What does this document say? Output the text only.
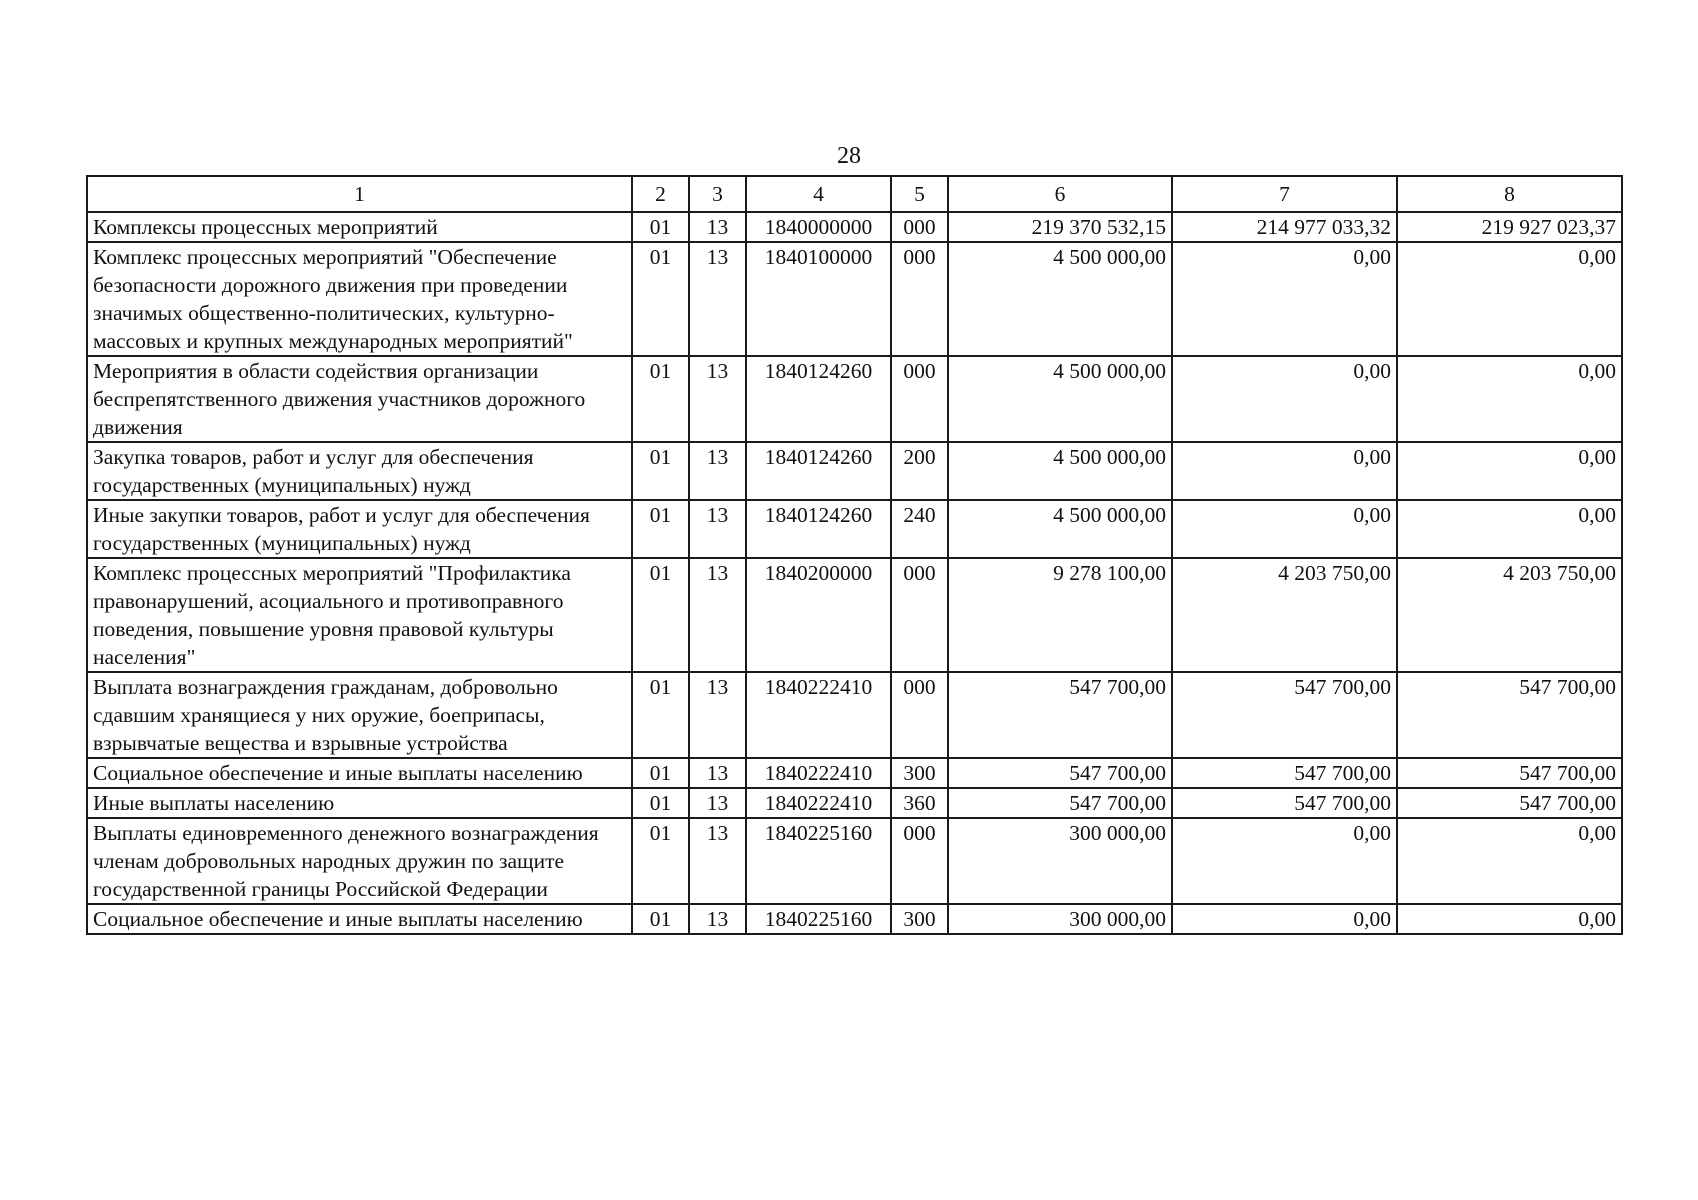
28
1	2	3	4	5	6	7	8
Комплексы процессных мероприятий	01	13	1840000000	000	219 370 532,15	214 977 033,32	219 927 023,37
Комплекс процессных мероприятий "Обеспечение безопасности дорожного движения при проведении значимых общественно-политических, культурно-массовых и крупных международных мероприятий"	01	13	1840100000	000	4 500 000,00	0,00	0,00
Мероприятия в области содействия организации беспрепятственного движения участников дорожного движения	01	13	1840124260	000	4 500 000,00	0,00	0,00
Закупка товаров, работ и услуг для обеспечения государственных (муниципальных) нужд	01	13	1840124260	200	4 500 000,00	0,00	0,00
Иные закупки товаров, работ и услуг для обеспечения государственных (муниципальных) нужд	01	13	1840124260	240	4 500 000,00	0,00	0,00
Комплекс процессных мероприятий "Профилактика правонарушений, асоциального и противоправного поведения, повышение уровня правовой культуры населения"	01	13	1840200000	000	9 278 100,00	4 203 750,00	4 203 750,00
Выплата вознаграждения гражданам, добровольно сдавшим хранящиеся у них оружие, боеприпасы, взрывчатые вещества и взрывные устройства	01	13	1840222410	000	547 700,00	547 700,00	547 700,00
Социальное обеспечение и иные выплаты населению	01	13	1840222410	300	547 700,00	547 700,00	547 700,00
Иные выплаты населению	01	13	1840222410	360	547 700,00	547 700,00	547 700,00
Выплаты единовременного денежного вознаграждения членам добровольных народных дружин по защите государственной границы Российской Федерации	01	13	1840225160	000	300 000,00	0,00	0,00
Социальное обеспечение и иные выплаты населению	01	13	1840225160	300	300 000,00	0,00	0,00
